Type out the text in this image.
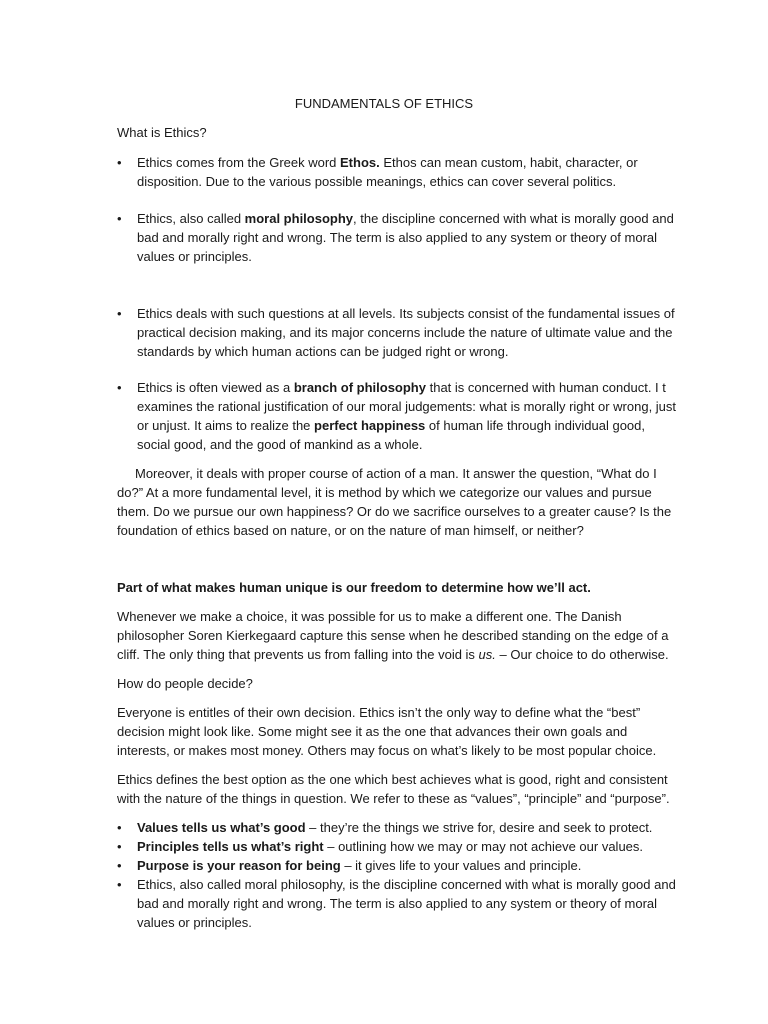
FUNDAMENTALS OF ETHICS
What is Ethics?
•	Ethics comes from the Greek word Ethos. Ethos can mean custom, habit, character, or disposition. Due to the various possible meanings, ethics can cover several politics.
•	Ethics, also called moral philosophy, the discipline concerned with what is morally good and bad and morally right and wrong. The term is also applied to any system or theory of moral values or principles.
•	Ethics deals with such questions at all levels. Its subjects consist of the fundamental issues of practical decision making, and its major concerns include the nature of ultimate value and the standards by which human actions can be judged right or wrong.
•	Ethics is often viewed as a branch of philosophy that is concerned with human conduct. I t examines the rational justification of our moral judgements: what is morally right or wrong, just or unjust. It aims to realize the perfect happiness of human life through individual good, social good, and the good of mankind as a whole.
Moreover, it deals with proper course of action of a man. It answer the question, “What do I do?” At a more fundamental level, it is method by which we categorize our values and pursue them. Do we pursue our own happiness? Or do we sacrifice ourselves to a greater cause? Is the foundation of ethics based on nature, or on the nature of man himself, or neither?
Part of what makes human unique is our freedom to determine how we’ll act.
Whenever we make a choice, it was possible for us to make a different one. The Danish philosopher Soren Kierkegaard capture this sense when he described standing on the edge of a cliff. The only thing that prevents us from falling into the void is us. – Our choice to do otherwise.
How do people decide?
Everyone is entitles of their own decision. Ethics isn’t the only way to define what the “best” decision might look like. Some might see it as the one that advances their own goals and interests, or makes most money. Others may focus on what’s likely to be most popular choice.
Ethics defines the best option as the one which best achieves what is good, right and consistent with the nature of the things in question. We refer to these as “values”, “principle” and “purpose”.
•	Values tells us what’s good – they’re the things we strive for, desire and seek to protect.
•	Principles tells us what’s right – outlining how we may or may not achieve our values.
•	Purpose is your reason for being – it gives life to your values and principle.
•	Ethics, also called moral philosophy, is the discipline concerned with what is morally good and bad and morally right and wrong. The term is also applied to any system or theory of moral values or principles.
